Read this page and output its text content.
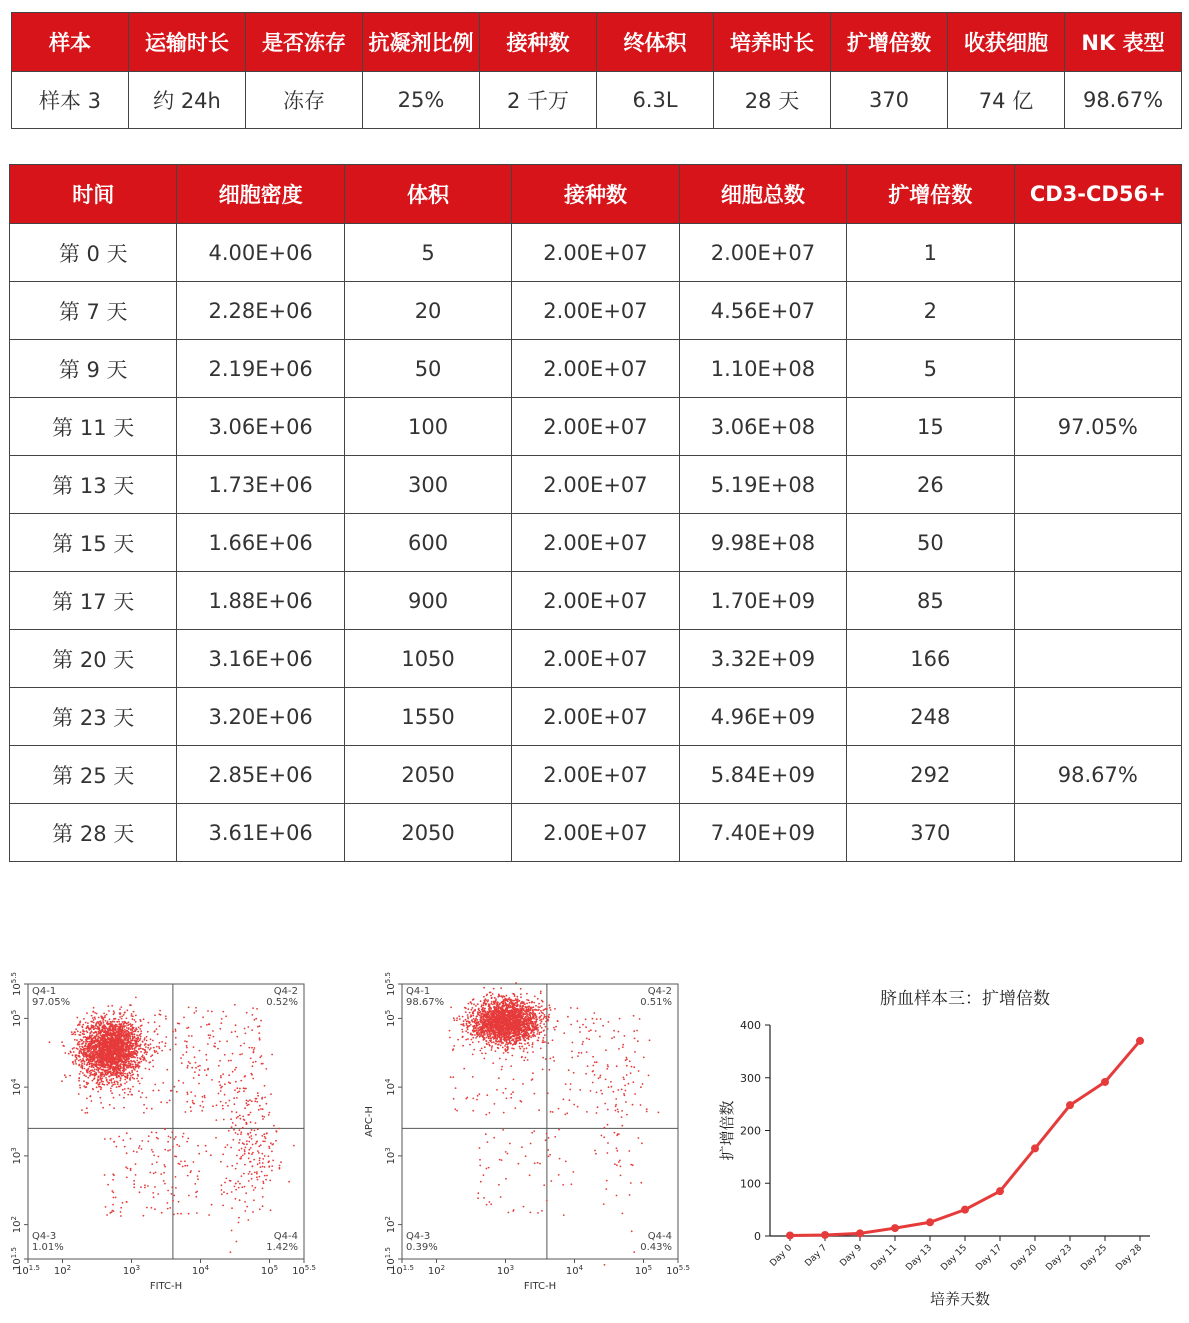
样本	运输时长	是否冻存	抗凝剂比例	接种数	终体积	培养时长	扩增倍数	收获细胞	NK 表型
样本 3	约 24h	冻存	25%	2 千万	6.3L	28 天	370	74 亿	98.67%
时间	细胞密度	体积	接种数	细胞总数	扩增倍数	CD3-CD56+
第 0 天	4.00E+06	5	2.00E+07	2.00E+07	1	
第 7 天	2.28E+06	20	2.00E+07	4.56E+07	2	
第 9 天	2.19E+06	50	2.00E+07	1.10E+08	5	
第 11 天	3.06E+06	100	2.00E+07	3.06E+08	15	97.05%
第 13 天	1.73E+06	300	2.00E+07	5.19E+08	26	
第 15 天	1.66E+06	600	2.00E+07	9.98E+08	50	
第 17 天	1.88E+06	900	2.00E+07	1.70E+09	85	
第 20 天	3.16E+06	1050	2.00E+07	3.32E+09	166	
第 23 天	3.20E+06	1550	2.00E+07	4.96E+09	248	
第 25 天	2.85E+06	2050	2.00E+07	5.84E+09	292	98.67%
第 28 天	3.61E+06	2050	2.00E+07	7.40E+09	370	
Q4-1
97.05%
Q4-2
0.52%
Q4-3
1.01%
Q4-4
1.42%
$10^{1.5}$ $10^2$	$10^3$	$10^4$	$10^5$ $10^{5.5}$
$10^{1.5}$
$10^2$
$10^3$
$10^4$
$10^5$
$10^{5.5}$
FITC-H
Q4-1
98.67%
Q4-2
0.51%
Q4-3
0.39%
Q4-4
0.43%
$10^{1.5}$ $10^2$	$10^3$	$10^4$	$10^5$ $10^{5.5}$
$10^{1.5}$
$10^2$
$10^3$
$10^4$
$10^5$
$10^{5.5}$
FITC-H
APC-H
脐血样本三：扩增倍数
0
100
200
300
400
Day 0 Day 7 Day 9 Day 11 Day 13 Day 15 Day 17 Day 20 Day 23 Day 25 Day 28
培养天数
扩增倍数
